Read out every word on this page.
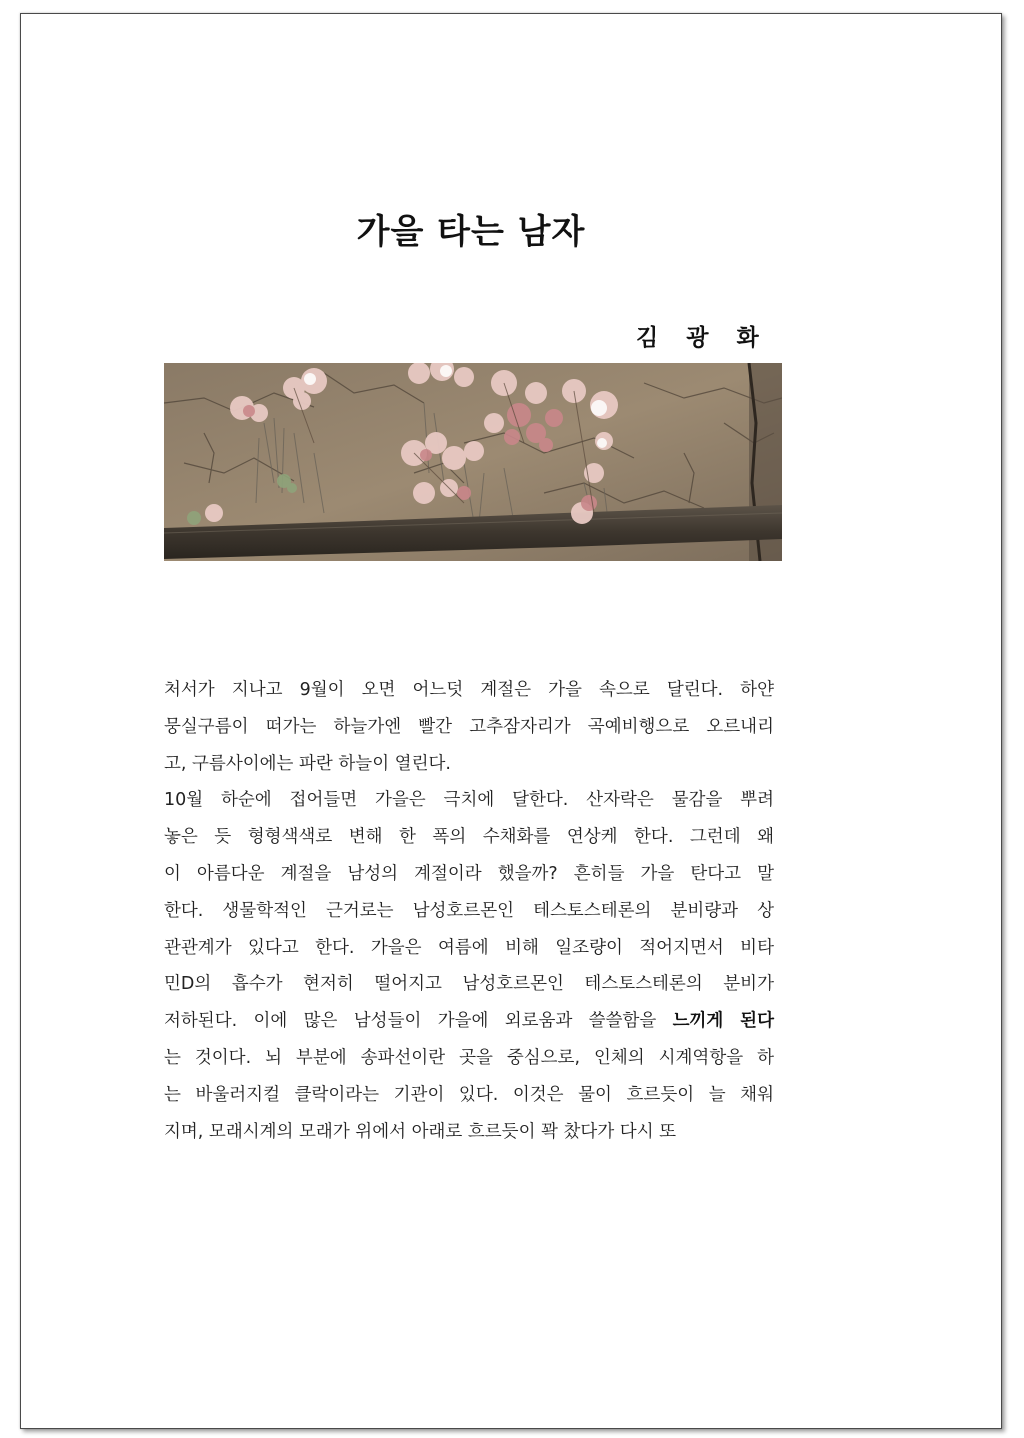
가을 타는 남자
김 광 화
처서가 지나고 9월이 오면 어느덧 계절은 가을 속으로 달린다. 하얀
뭉실구름이 떠가는 하늘가엔 빨간 고추잠자리가 곡예비행으로 오르내리
고, 구름사이에는 파란 하늘이 열린다.
10월 하순에 접어들면 가을은 극치에 달한다. 산자락은 물감을 뿌려
놓은 듯 형형색색로 변해 한 폭의 수채화를 연상케 한다. 그런데 왜
이 아름다운 계절을 남성의 계절이라 했을까? 흔히들 가을 탄다고 말
한다. 생물학적인 근거로는 남성호르몬인 테스토스테론의 분비량과 상
관관계가 있다고 한다. 가을은 여름에 비해 일조량이 적어지면서 비타
민D의 흡수가 현저히 떨어지고 남성호르몬인 테스토스테론의 분비가
저하된다. 이에 많은 남성들이 가을에 외로움과 쓸쓸함을 느끼게 된다
는 것이다. 뇌 부분에 송파선이란 곳을 중심으로, 인체의 시계역항을 하
는 바울러지컬 클락이라는 기관이 있다. 이것은 물이 흐르듯이 늘 채워
지며, 모래시계의 모래가 위에서 아래로 흐르듯이 꽉 찼다가 다시 또
